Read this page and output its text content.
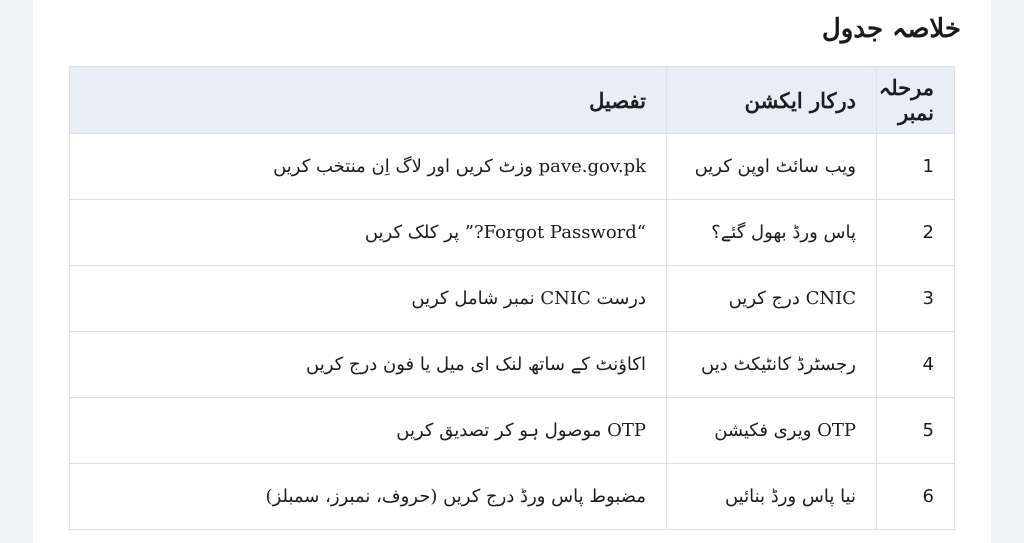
خلاصہ جدول
مرحلہ نمبر	درکار ایکشن	تفصیل
1	ویب سائٹ اوپن کریں	pave.gov.pk وزٹ کریں اور لاگ اِن منتخب کریں
2	پاس ورڈ بھول گئے؟	“Forgot Password?” پر کلک کریں
3	CNIC درج کریں	درست CNIC نمبر شامل کریں
4	رجسٹرڈ کانٹیکٹ دیں	اکاؤنٹ کے ساتھ لنک ای میل یا فون درج کریں
5	OTP ویری فکیشن	OTP موصول ہو کر تصدیق کریں
6	نیا پاس ورڈ بنائیں	مضبوط پاس ورڈ درج کریں (حروف، نمبرز، سمبلز)
